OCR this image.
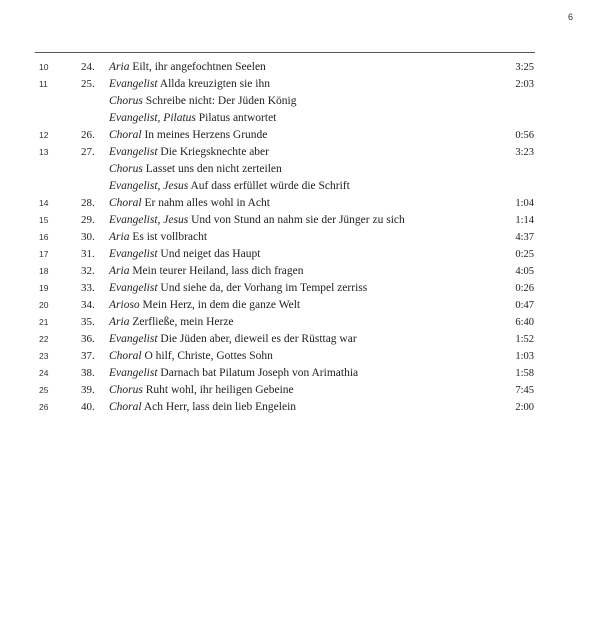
6
10	24. Aria Eilt, ihr angefochtnen Seelen	3:25
11	25. Evangelist Allda kreuzigten sie ihn	2:03
Chorus Schreibe nicht: Der Jüden König
Evangelist, Pilatus Pilatus antwortet
12	26. Choral In meines Herzens Grunde	0:56
13	27. Evangelist Die Kriegsknechte aber	3:23
Chorus Lasset uns den nicht zerteilen
Evangelist, Jesus Auf dass erfüllet würde die Schrift
14	28. Choral Er nahm alles wohl in Acht	1:04
15	29. Evangelist, Jesus Und von Stund an nahm sie der Jünger zu sich	1:14
16	30. Aria Es ist vollbracht	4:37
17	31. Evangelist Und neiget das Haupt	0:25
18	32. Aria Mein teurer Heiland, lass dich fragen	4:05
19	33. Evangelist Und siehe da, der Vorhang im Tempel zerriss	0:26
20	34. Arioso Mein Herz, in dem die ganze Welt	0:47
21	35. Aria Zerfließe, mein Herze	6:40
22	36. Evangelist Die Jüden aber, dieweil es der Rüsttag war	1:52
23	37. Choral O hilf, Christe, Gottes Sohn	1:03
24	38. Evangelist Darnach bat Pilatum Joseph von Arimathia	1:58
25	39. Chorus Ruht wohl, ihr heiligen Gebeine	7:45
26	40. Choral Ach Herr, lass dein lieb Engelein	2:00
